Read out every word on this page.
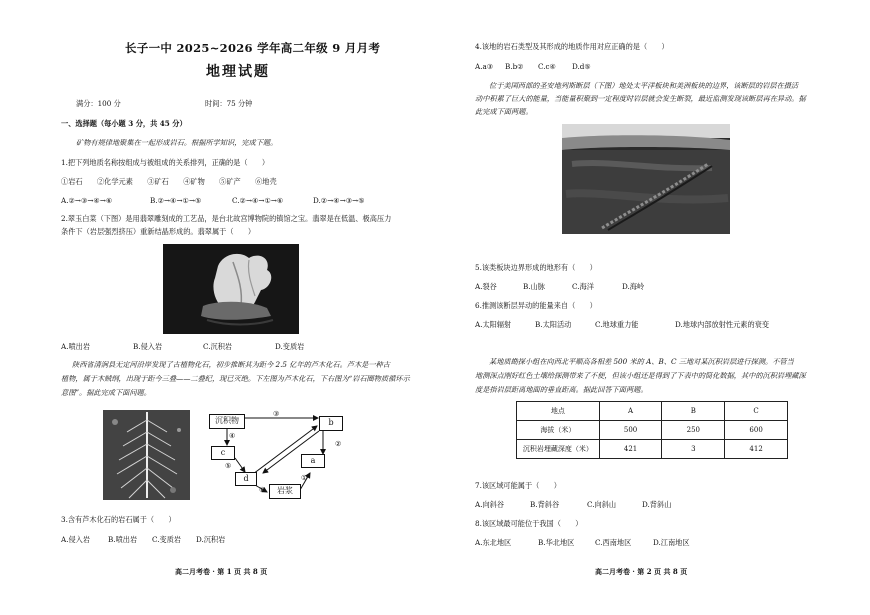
长子一中 2025~2026 学年高二年级 9 月月考
地理试题
满分：100 分	时间：75 分钟
一、选择题（每小题 3 分，共 45 分）
矿物有规律地聚集在一起形成岩石。根据所学知识，完成下题。
1.把下列地质名称按组成与被组成的关系排列，正确的是（　　）
①岩石　　②化学元素　　③矿石　　④矿物　　⑤矿产　　⑥地壳
A.②→③→④→⑥	B.②→④→①→⑤	C.②→④→①→⑥	D.②→④→③→⑤
2.翠玉白菜（下图）是用翡翠雕刻成的工艺品，是台北故宫博物院的镇馆之宝。翡翠是在低温、极高压力
条件下（岩层强烈挤压）重新结晶形成的。翡翠属于（　　）
A.喷出岩	B.侵入岩	C.沉积岩	D.变质岩
陕西省清涧县无定河沿岸发现了古植物化石，初步推断其为距今 2.5 亿年的芦木化石。芦木是一种古
植物，属于木贼纲，出现于距今三叠——二叠纪，现已灭绝。下左图为芦木化石，下右图为“岩石圈物质循环示
意图”。据此完成下面问题。
沉积物	b
c
a
d
岩浆
③
④
②
⑤
⑥
①
3.含有芦木化石的岩石属于（　　）
A.侵入岩 B.喷出岩 C.变质岩 D.沉积岩
高二月考卷 · 第 1 页 共 8 页
4.该地的岩石类型及其形成的地质作用对应正确的是（　　）
A.a③ B.b② C.c④ D.d⑤
位于美国西部的圣安地列斯断层（下图）地处太平洋板块和美洲板块的边界，该断层的岩层在摄活
动中积累了巨大的能量，当能量积聚到一定程度时岩层就会发生断裂，最近监测发现该断层再在异动。据
此完成下面两题。
5.该类板块边界形成的地形有（　　）
A.裂谷	B.山脉	C.海洋	D.海岭
6.推测该断层异动的能量来自（　　）
A.太阳辐射	B.太阳活动	C.地球重力能	D.地球内部放射性元素的衰变
某地质勘探小组在向西北平顺高各相差 500 米的 A、B、C 三地对某沉积岩层进行探测。不管当
地测深点刚好红色土壤给探测带来了不便，但该小组还是得到了下表中的简化数据，其中的沉积岩埋藏深
度是指岩层距离地面的垂直距离。据此回答下面两题。
地点	A	B	C
海拔（米）	500	250	600
沉积岩埋藏深度（米）	421	3	412
7.该区域可能属于（　　）
A.向斜谷	B.背斜谷	C.向斜山	D.背斜山
8.该区域最可能位于我国（　　）
A.东北地区	B.华北地区	C.西南地区	D.江南地区
高二月考卷 · 第 2 页 共 8 页
